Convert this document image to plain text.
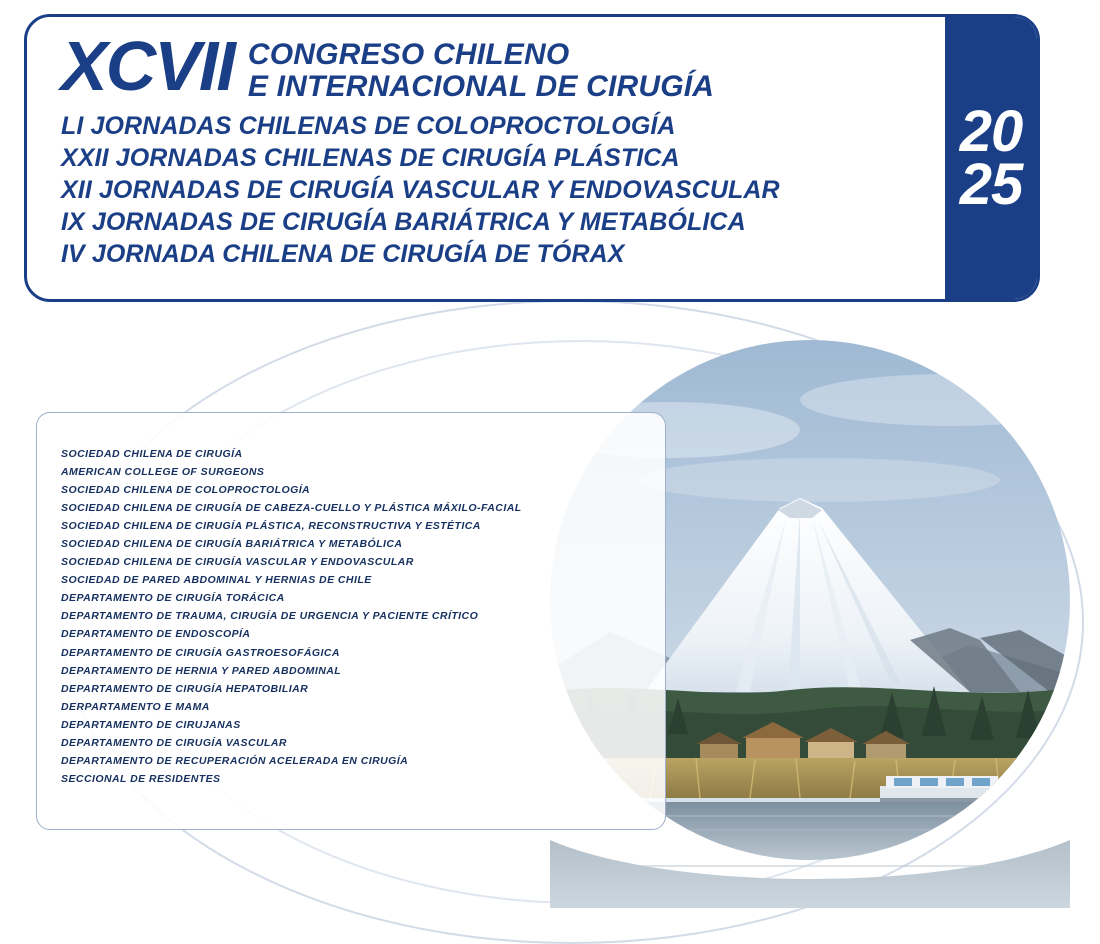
XCVII CONGRESO CHILENO
E INTERNACIONAL DE CIRUGÍA
LI JORNADAS CHILENAS DE COLOPROCTOLOGÍA
XXII JORNADAS CHILENAS DE CIRUGÍA PLÁSTICA
XII JORNADAS DE CIRUGÍA VASCULAR Y ENDOVASCULAR
IX JORNADAS DE CIRUGÍA BARIÁTRICA Y METABÓLICA
IV JORNADA CHILENA DE CIRUGÍA DE TÓRAX
20
25
SOCIEDAD CHILENA DE CIRUGÍA
AMERICAN COLLEGE OF SURGEONS
SOCIEDAD CHILENA DE COLOPROCTOLOGÍA
SOCIEDAD CHILENA DE CIRUGÍA DE CABEZA-CUELLO Y PLÁSTICA MÁXILO-FACIAL
SOCIEDAD CHILENA DE CIRUGÍA PLÁSTICA, RECONSTRUCTIVA Y ESTÉTICA
SOCIEDAD CHILENA DE CIRUGÍA BARIÁTRICA Y METABÓLICA
SOCIEDAD CHILENA DE CIRUGÍA VASCULAR Y ENDOVASCULAR
SOCIEDAD DE PARED ABDOMINAL Y HERNIAS DE CHILE
DEPARTAMENTO DE CIRUGÍA TORÁCICA
DEPARTAMENTO DE TRAUMA, CIRUGÍA DE URGENCIA Y PACIENTE CRÍTICO
DEPARTAMENTO DE ENDOSCOPÍA
DEPARTAMENTO DE CIRUGÍA GASTROESOFÁGICA
DEPARTAMENTO DE HERNIA Y PARED ABDOMINAL
DEPARTAMENTO DE CIRUGÍA HEPATOBILIAR
DERPARTAMENTO E MAMA
DEPARTAMENTO DE CIRUJANAS
DEPARTAMENTO DE CIRUGÍA VASCULAR
DEPARTAMENTO DE RECUPERACIÓN ACELERADA EN CIRUGÍA
SECCIONAL DE RESIDENTES
